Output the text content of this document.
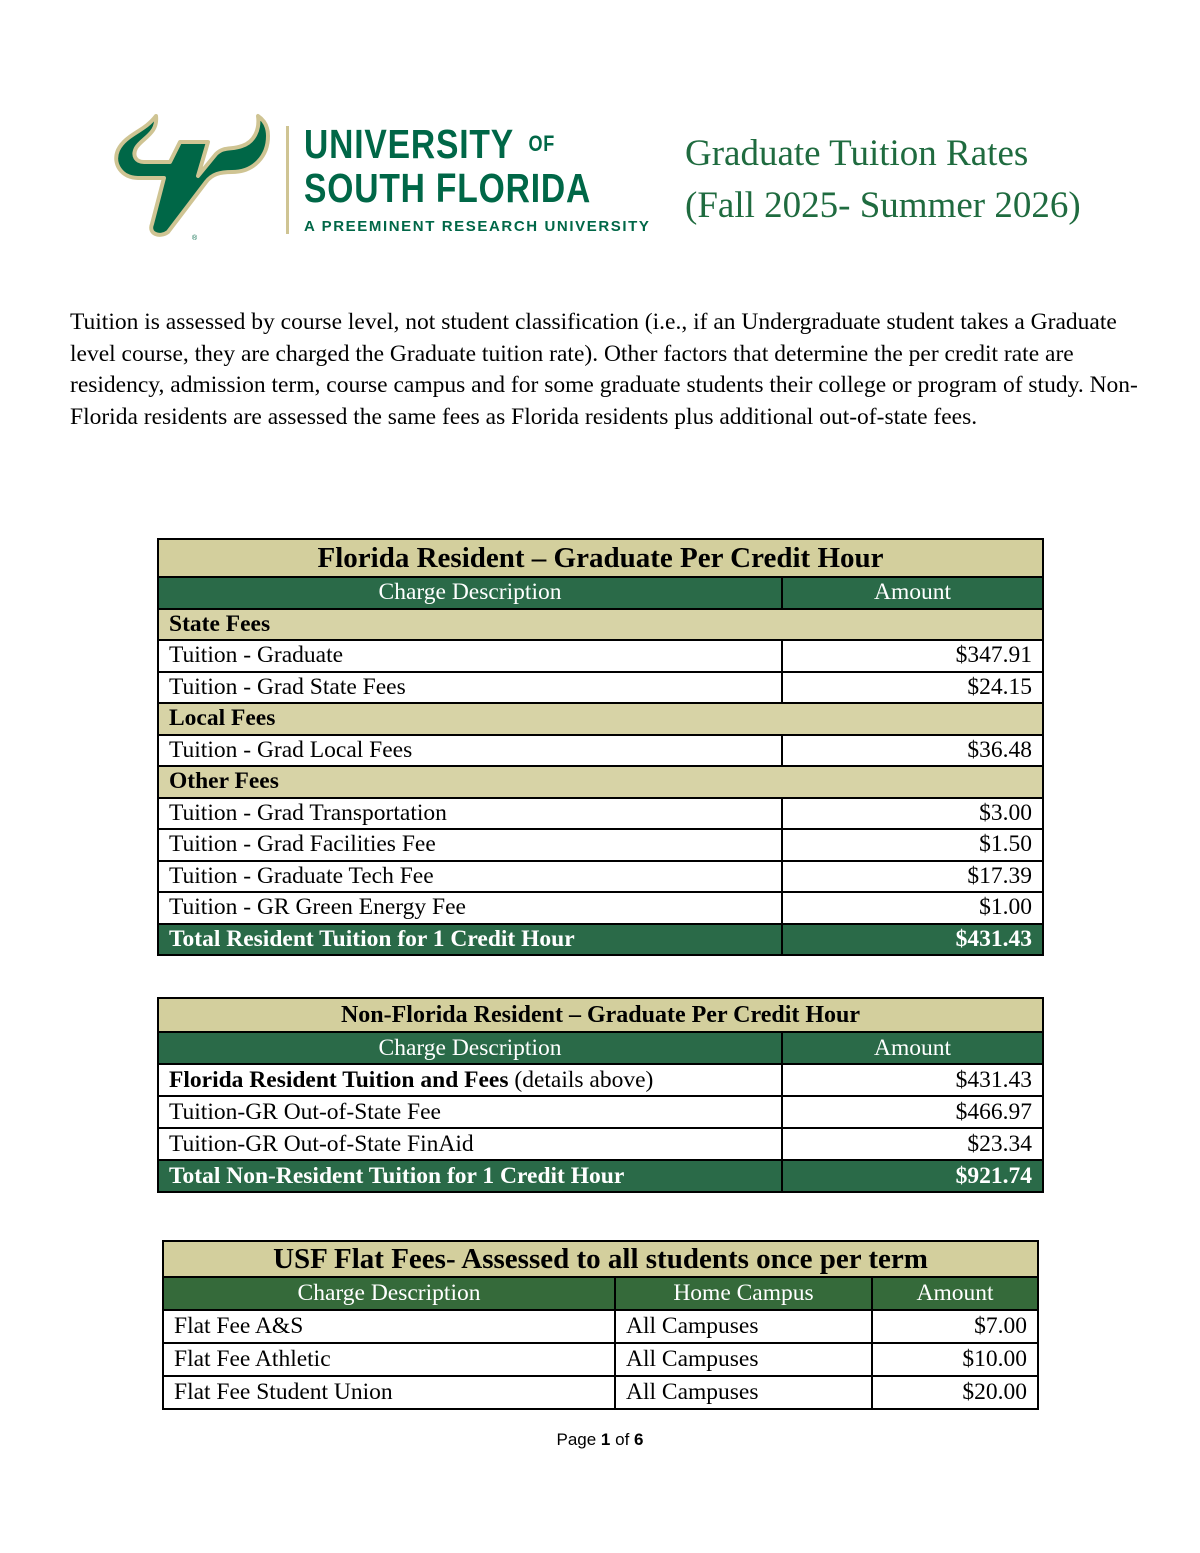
®
UNIVERSITY $^{OF}$
SOUTH FLORIDA
A PREEMINENT RESEARCH UNIVERSITY
Graduate Tuition Rates
(Fall 2025- Summer 2026)
Tuition is assessed by course level, not student classification (i.e., if an Undergraduate student takes a Graduate level course, they are charged the Graduate tuition rate). Other factors that determine the per credit rate are residency, admission term, course campus and for some graduate students their college or program of study. Non-Florida residents are assessed the same fees as Florida residents plus additional out-of-state fees.
Florida Resident – Graduate Per Credit Hour	
Charge Description	Amount
State Fees	
Tuition - Graduate	$347.91
Tuition - Grad State Fees	$24.15
Local Fees	
Tuition - Grad Local Fees	$36.48
Other Fees	
Tuition - Grad Transportation	$3.00
Tuition - Grad Facilities Fee	$1.50
Tuition - Graduate Tech Fee	$17.39
Tuition - GR Green Energy Fee	$1.00
Total Resident Tuition for 1 Credit Hour	$431.43
Non-Florida Resident – Graduate Per Credit Hour	
Charge Description	Amount
Florida Resident Tuition and Fees (details above)	$431.43
Tuition-GR Out-of-State Fee	$466.97
Tuition-GR Out-of-State FinAid	$23.34
Total Non-Resident Tuition for 1 Credit Hour	$921.74
USF Flat Fees- Assessed to all students once per term		
Charge Description	Home Campus	Amount
Flat Fee A&S	All Campuses	$7.00
Flat Fee Athletic	All Campuses	$10.00
Flat Fee Student Union	All Campuses	$20.00
Page 1 of 6
